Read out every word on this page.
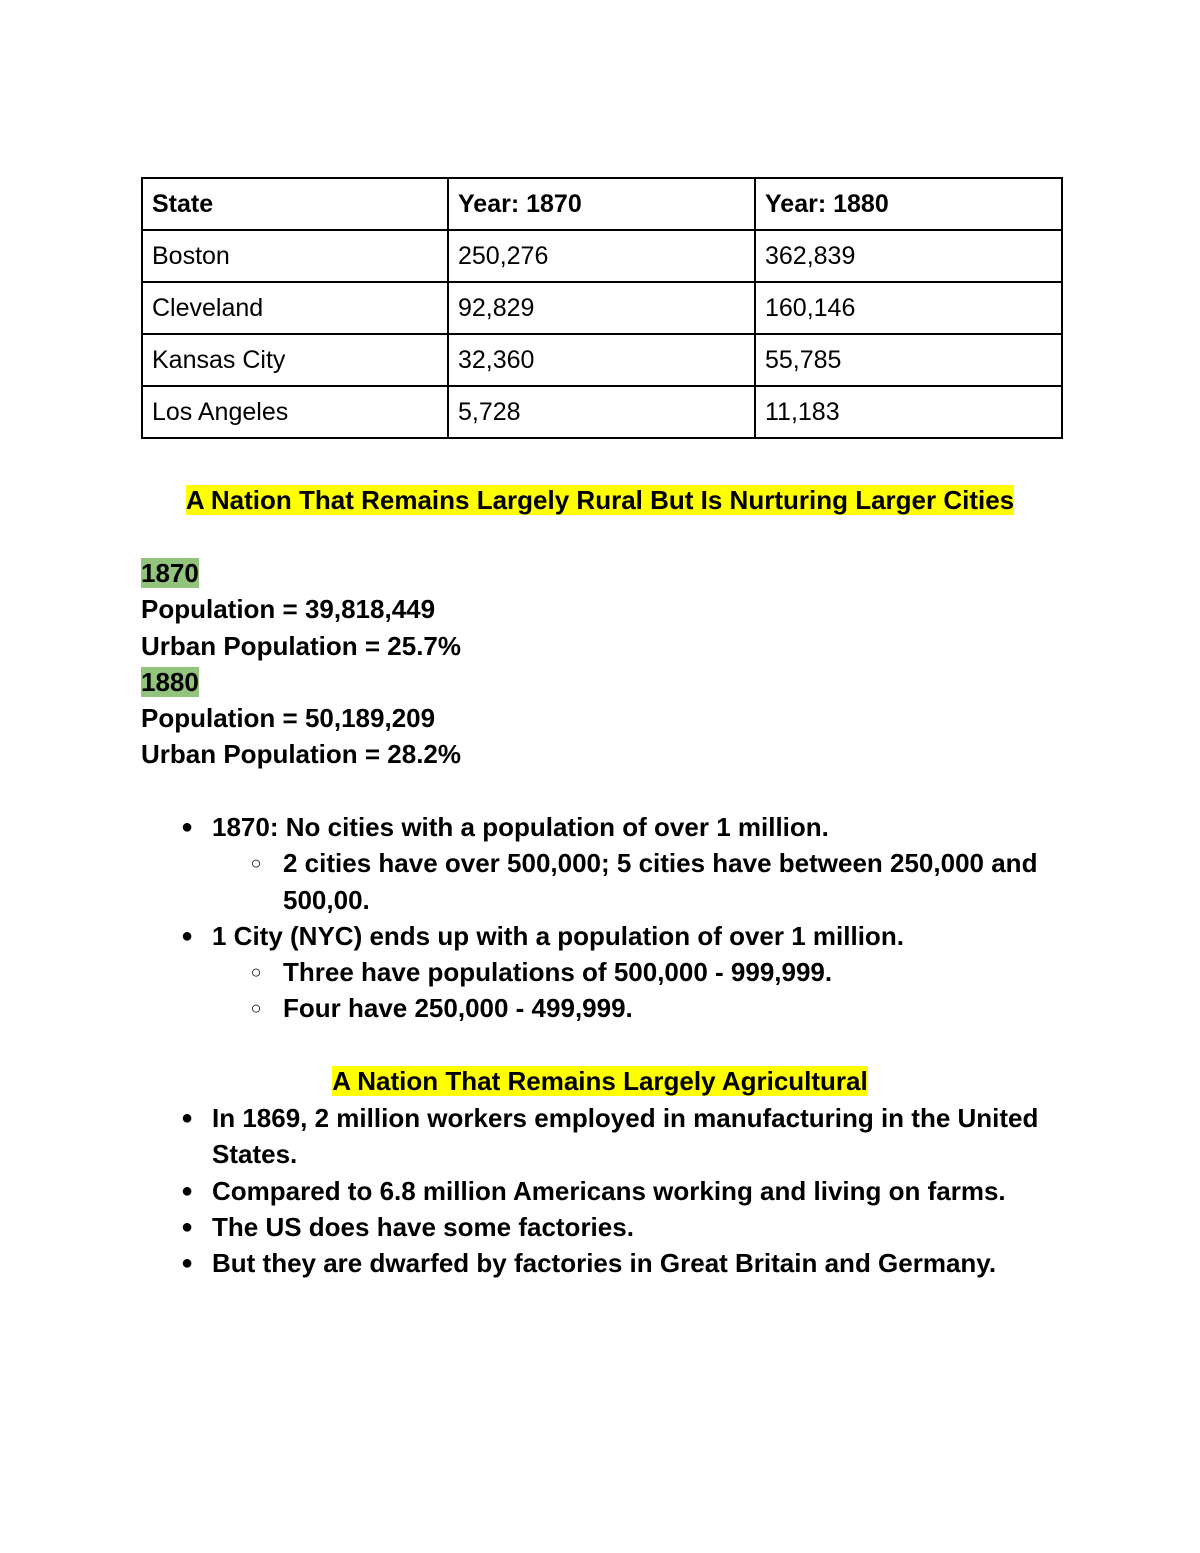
State	Year: 1870	Year: 1880
Boston	250,276	362,839
Cleveland	92,829	160,146
Kansas City	32,360	55,785
Los Angeles	5,728	11,183
A Nation That Remains Largely Rural But Is Nurturing Larger Cities
1870
Population = 39,818,449
Urban Population = 25.7%
1880
Population = 50,189,209
Urban Population = 28.2%
● 1870: No cities with a population of over 1 million.
○ 2 cities have over 500,000; 5 cities have between 250,000 and 500,00.
● 1 City (NYC) ends up with a population of over 1 million.
○ Three have populations of 500,000 - 999,999.
○ Four have 250,000 - 499,999.
A Nation That Remains Largely Agricultural
● In 1869, 2 million workers employed in manufacturing in the United States.
● Compared to 6.8 million Americans working and living on farms.
● The US does have some factories.
● But they are dwarfed by factories in Great Britain and Germany.
